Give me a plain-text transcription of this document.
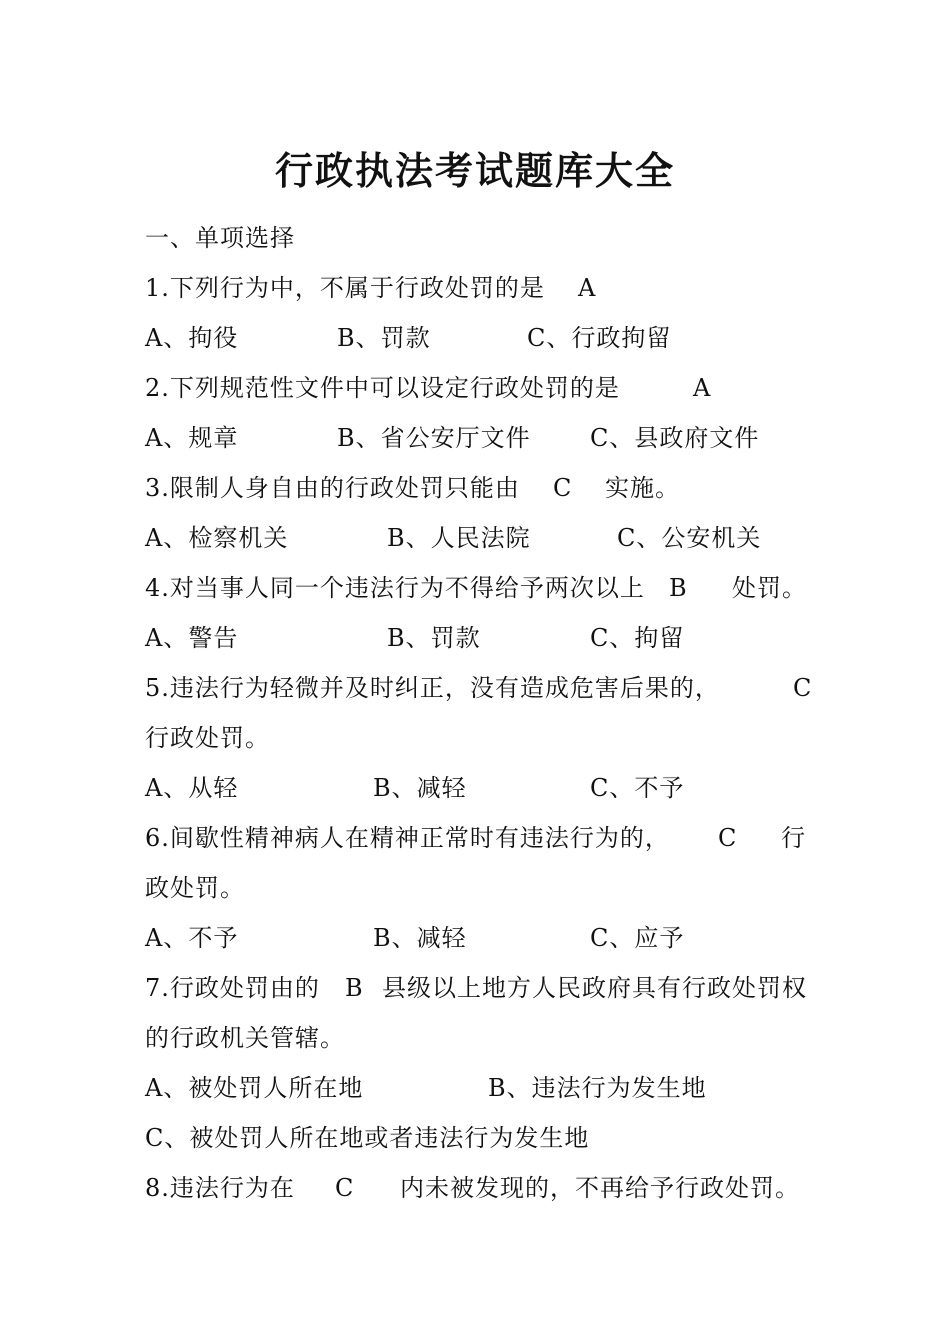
行政执法考试题库大全
一、单项选择
1.下列行为中，不属于行政处罚的是 A
A、拘役	B、罚款	C、行政拘留
2.下列规范性文件中可以设定行政处罚的是	A
A、规章	B、省公安厅文件 C、县政府文件
3.限制人身自由的行政处罚只能由 C 实施。
A、检察机关	B、人民法院	C、公安机关
4.对当事人同一个违法行为不得给予两次以上 B 处罚。
A、警告	B、罚款	C、拘留
5.违法行为轻微并及时纠正，没有造成危害后果的，	C
行政处罚。
A、从轻	B、减轻	C、不予
6.间歇性精神病人在精神正常时有违法行为的， C 行
政处罚。
A、不予	B、减轻	C、应予
7.行政处罚由的 B 县级以上地方人民政府具有行政处罚权
的行政机关管辖。
A、被处罚人所在地	B、违法行为发生地
C、被处罚人所在地或者违法行为发生地
8.违法行为在 C 内未被发现的，不再给予行政处罚。
